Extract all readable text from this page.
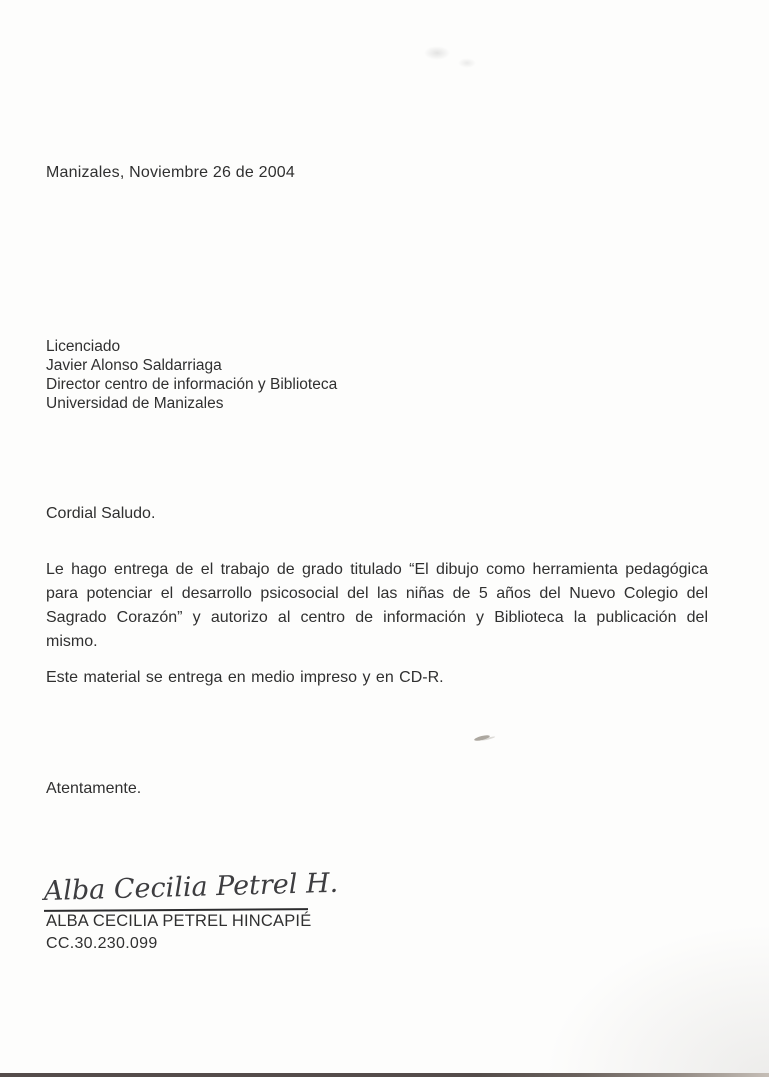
Manizales, Noviembre 26 de 2004
Licenciado
Javier Alonso Saldarriaga
Director centro de información y Biblioteca
Universidad de Manizales
Cordial Saludo.
Le hago entrega de el trabajo de grado titulado “El dibujo como herramienta pedagógica para potenciar el desarrollo psicosocial del las niñas de 5 años del Nuevo Colegio del Sagrado Corazón” y autorizo al centro de información y Biblioteca la publicación del mismo.
Este material se entrega en medio impreso y en CD-R.
Atentamente.
Alba Cecilia Petrel H.
ALBA CECILIA PETREL HINCAPIÉ
CC.30.230.099
